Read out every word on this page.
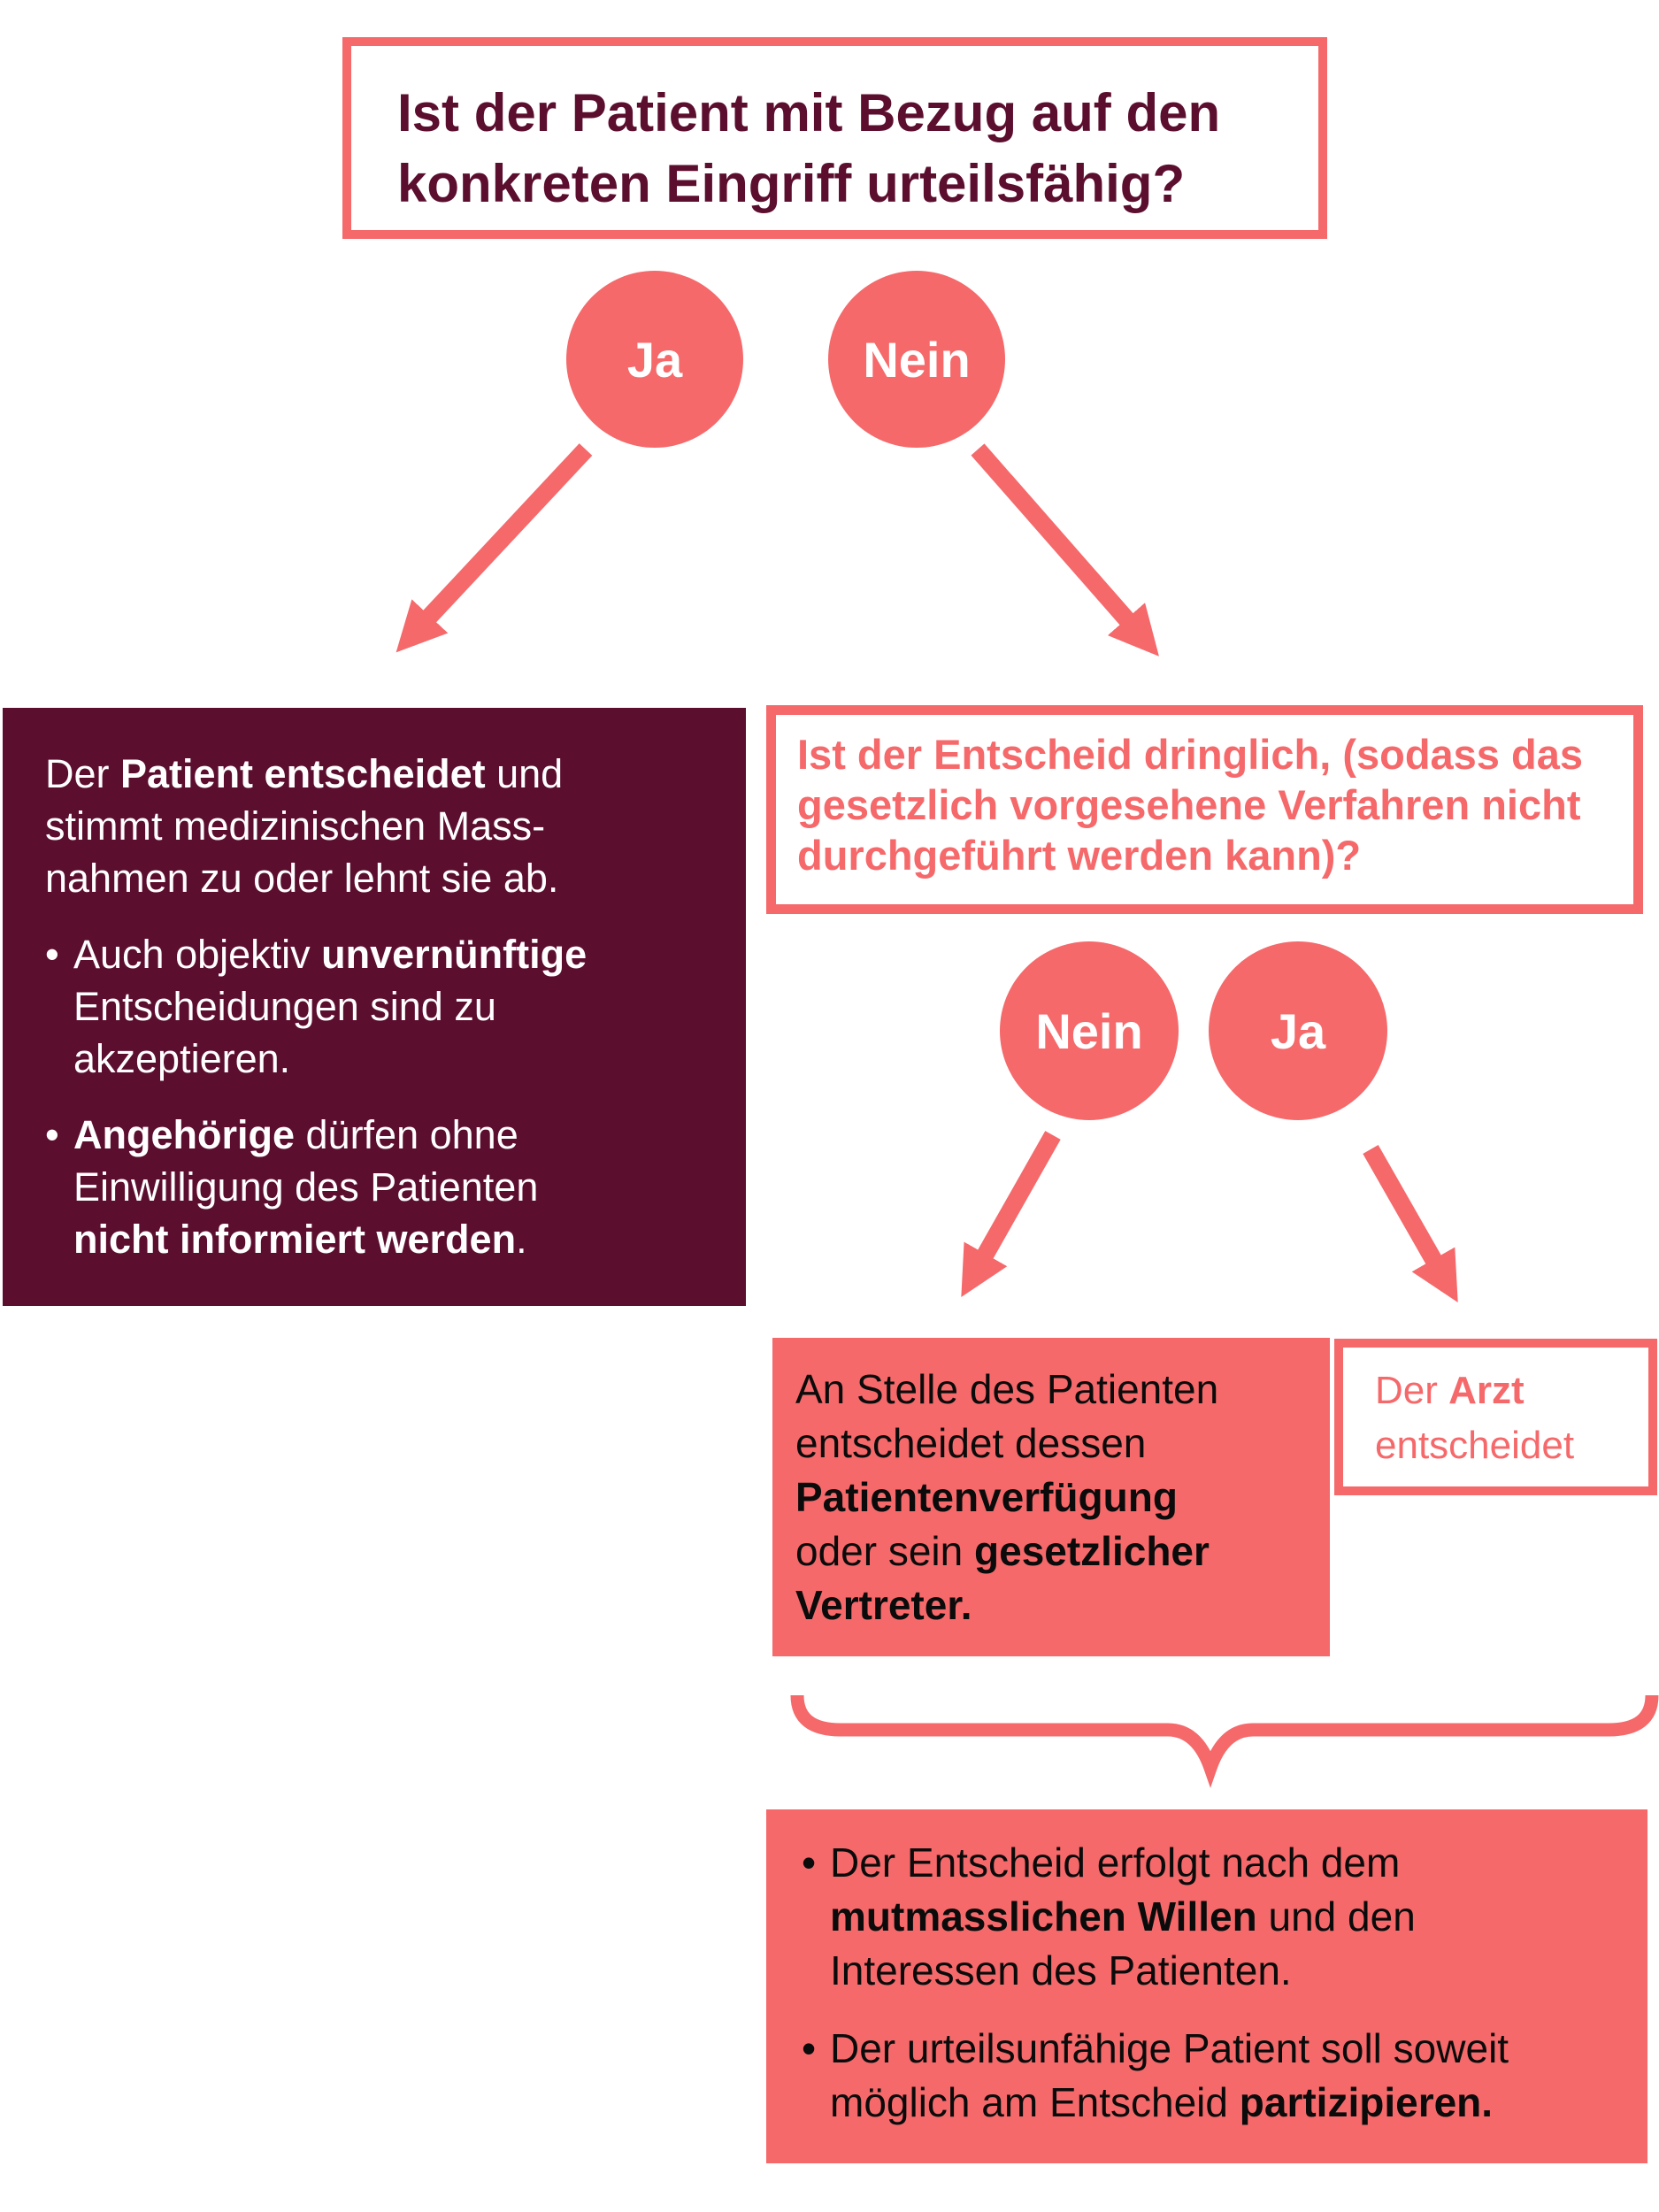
Ist der Patient mit Bezug auf den
konkreten Eingriff urteilsfähig?
Ja	Nein
Der Patient entscheidet und
stimmt medizinischen Mass-
nahmen zu oder lehnt sie ab.
• Auch objektiv unvernünftige
Entscheidungen sind zu
akzeptieren.
• Angehörige dürfen ohne
Einwilligung des Patienten
nicht informiert werden.
Ist der Entscheid dringlich, (sodass das
gesetzlich vorgesehene Verfahren nicht
durchgeführt werden kann)?
Nein	Ja
An Stelle des Patienten
entscheidet dessen
Patientenverfügung
oder sein gesetzlicher
Vertreter.
Der Arzt
entscheidet
• Der Entscheid erfolgt nach dem
mutmasslichen Willen und den
Interessen des Patienten.
• Der urteilsunfähige Patient soll soweit
möglich am Entscheid partizipieren.
